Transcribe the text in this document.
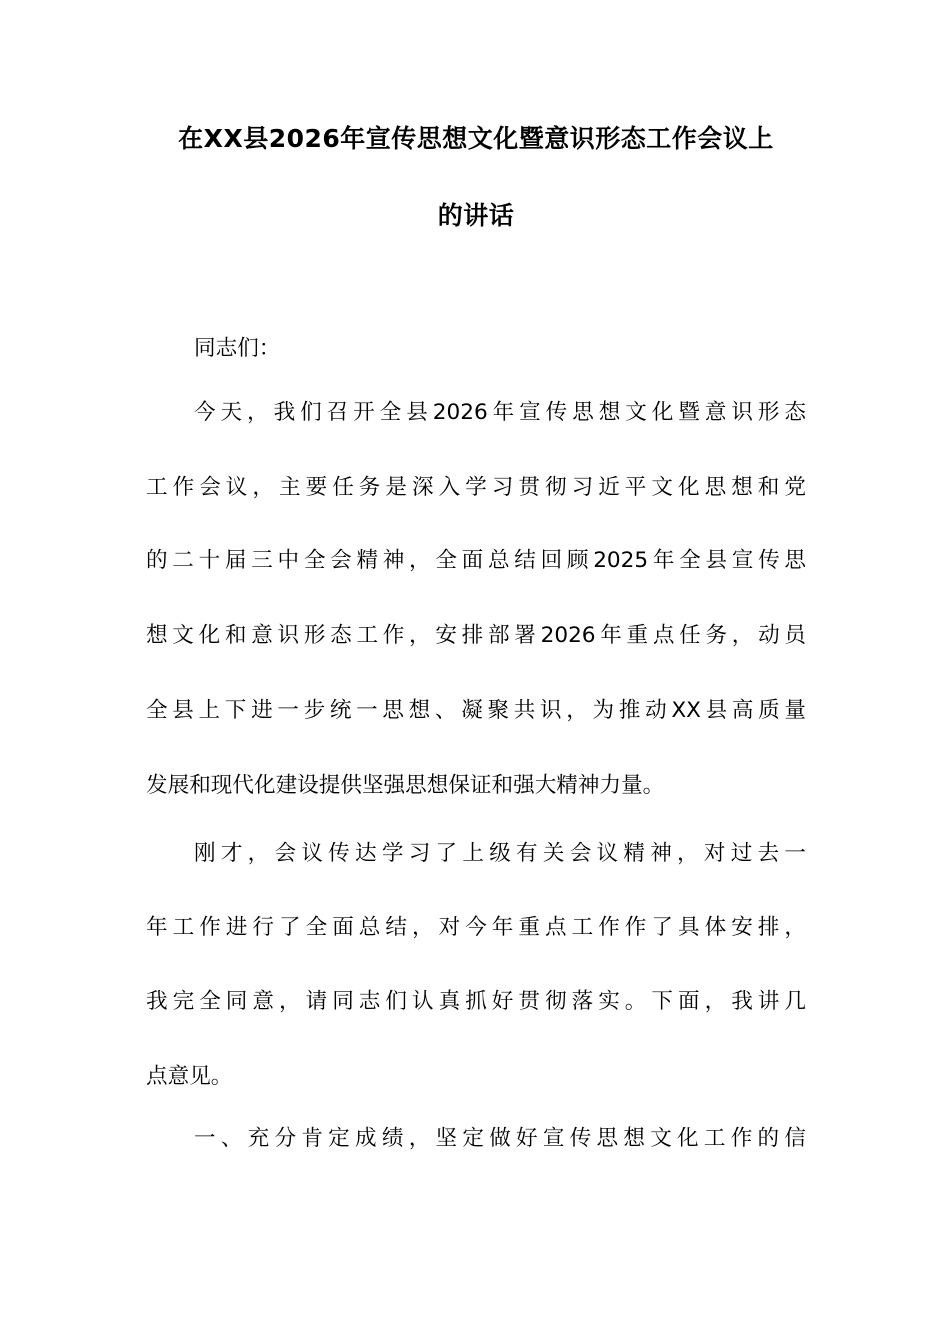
在XX县2026年宣传思想文化暨意识形态工作会议上
的讲话
同志们：
今天，我们召开全县2026年宣传思想文化暨意识形态
工作会议，主要任务是深入学习贯彻习近平文化思想和党
的二十届三中全会精神，全面总结回顾2025年全县宣传思
想文化和意识形态工作，安排部署2026年重点任务，动员
全县上下进一步统一思想、凝聚共识，为推动XX县高质量
发展和现代化建设提供坚强思想保证和强大精神力量。
刚才，会议传达学习了上级有关会议精神，对过去一
年工作进行了全面总结，对今年重点工作作了具体安排，
我完全同意，请同志们认真抓好贯彻落实。下面，我讲几
点意见。
一、充分肯定成绩，坚定做好宣传思想文化工作的信
